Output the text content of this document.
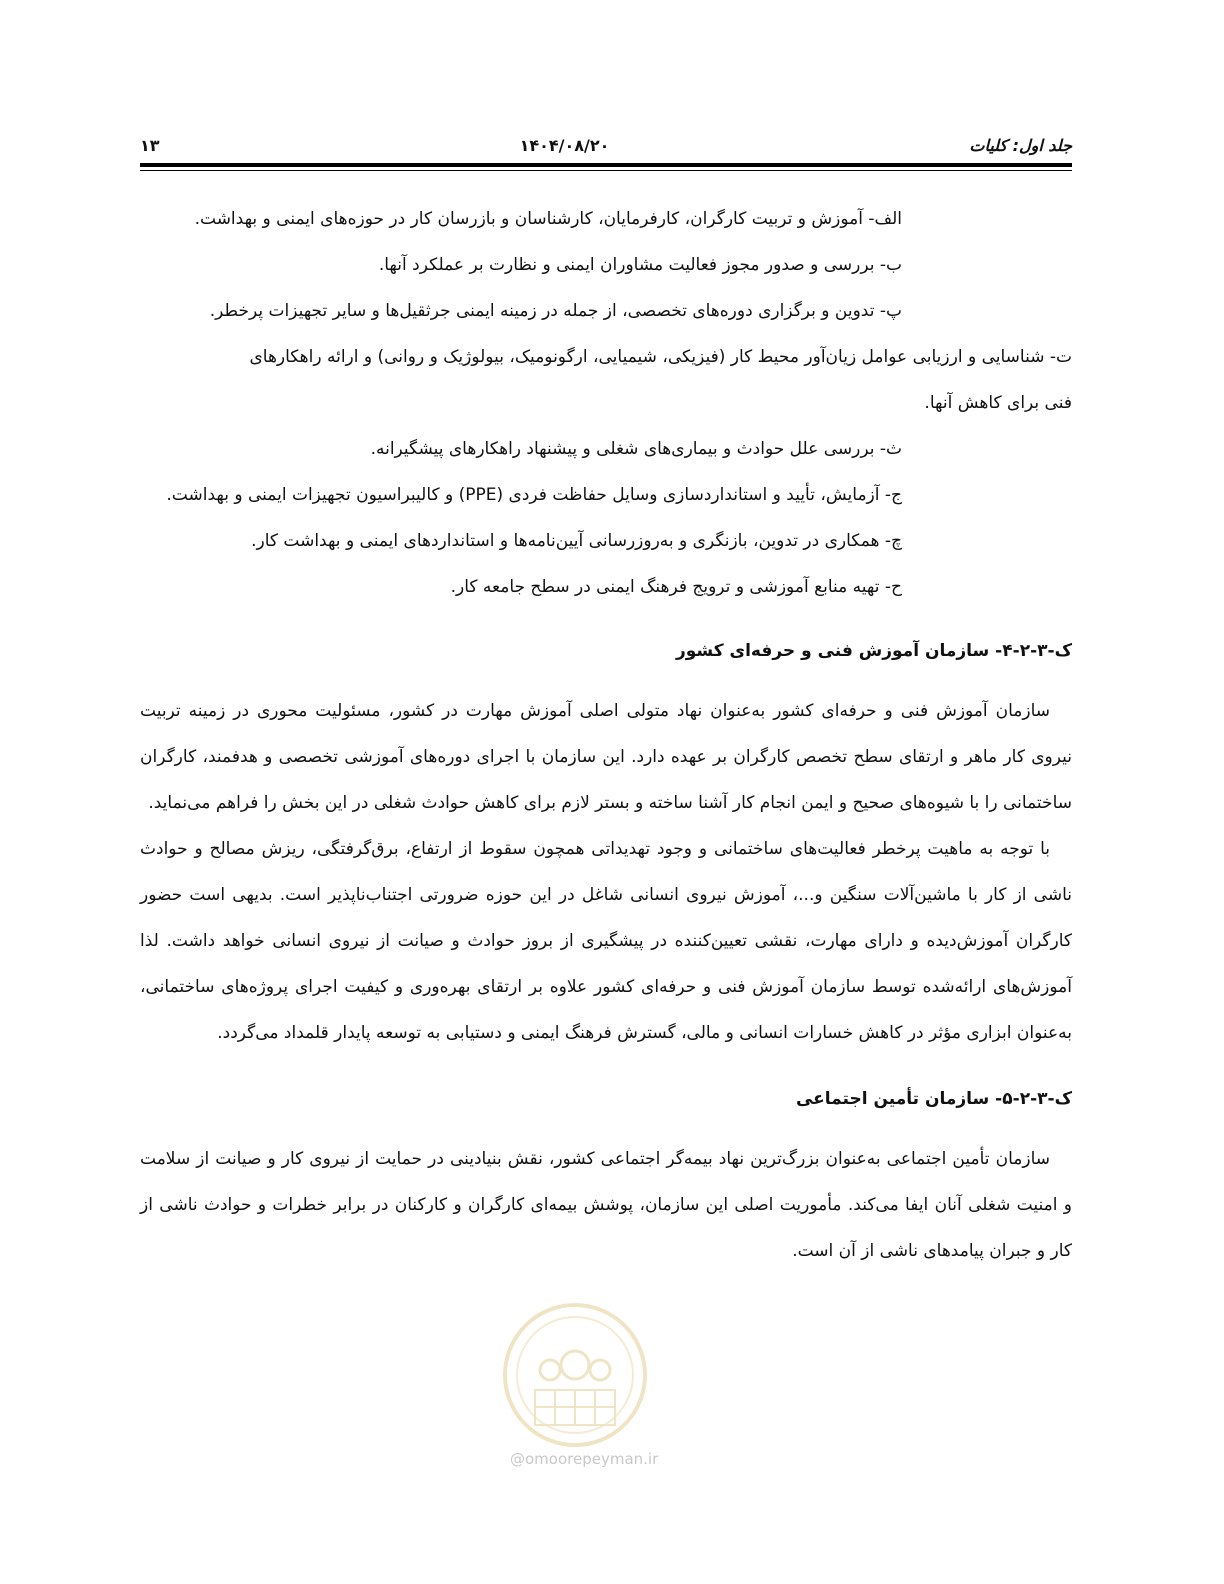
جلد اول: کلیات
۱۴۰۴/۰۸/۲۰
۱۳
الف- آموزش و تربیت کارگران، کارفرمایان، کارشناسان و بازرسان کار در حوزه‌های ایمنی و بهداشت.
ب- بررسی و صدور مجوز فعالیت مشاوران ایمنی و نظارت بر عملکرد آنها.
پ- تدوین و برگزاری دوره‌های تخصصی، از جمله در زمینه ایمنی جرثقیل‌ها و سایر تجهیزات پرخطر.
ت- شناسایی و ارزیابی عوامل زیان‌آور محیط کار (فیزیکی، شیمیایی، ارگونومیک، بیولوژیک و روانی) و ارائه راهکارهای
فنی برای کاهش آنها.
ث- بررسی علل حوادث و بیماری‌های شغلی و پیشنهاد راهکارهای پیشگیرانه.
ج- آزمایش، تأیید و استانداردسازی وسایل حفاظت فردی (PPE) و کالیبراسیون تجهیزات ایمنی و بهداشت.
چ- همکاری در تدوین، بازنگری و به‌روزرسانی آیین‌نامه‌ها و استانداردهای ایمنی و بهداشت کار.
ح- تهیه منابع آموزشی و ترویج فرهنگ ایمنی در سطح جامعه کار.
ک-۳-۲-۴- سازمان آموزش فنی و حرفه‌ای کشور

سازمان آموزش فنی و حرفه‌ای کشور به‌عنوان نهاد متولی اصلی آموزش مهارت در کشور، مسئولیت محوری در زمینه تربیت نیروی کار ماهر و ارتقای سطح تخصص کارگران بر عهده دارد. این سازمان با اجرای دوره‌های آموزشی تخصصی و هدفمند، کارگران ساختمانی را با شیوه‌های صحیح و ایمن انجام کار آشنا ساخته و بستر لازم برای کاهش حوادث شغلی در این بخش را فراهم می‌نماید.

با توجه به ماهیت پرخطر فعالیت‌های ساختمانی و وجود تهدیداتی همچون سقوط از ارتفاع، برق‌گرفتگی، ریزش مصالح و حوادث ناشی از کار با ماشین‌آلات سنگین و...، آموزش نیروی انسانی شاغل در این حوزه ضرورتی اجتناب‌ناپذیر است. بدیهی است حضور کارگران آموزش‌دیده و دارای مهارت، نقشی تعیین‌کننده در پیشگیری از بروز حوادث و صیانت از نیروی انسانی خواهد داشت. لذا آموزش‌های ارائه‌شده توسط سازمان آموزش فنی و حرفه‌ای کشور علاوه بر ارتقای بهره‌وری و کیفیت اجرای پروژه‌های ساختمانی، به‌عنوان ابزاری مؤثر در کاهش خسارات انسانی و مالی، گسترش فرهنگ ایمنی و دستیابی به توسعه پایدار قلمداد می‌گردد.

ک-۳-۲-۵- سازمان تأمین اجتماعی

سازمان تأمین اجتماعی به‌عنوان بزرگ‌ترین نهاد بیمه‌گر اجتماعی کشور، نقش بنیادینی در حمایت از نیروی کار و صیانت از سلامت و امنیت شغلی آنان ایفا می‌کند. مأموریت اصلی این سازمان، پوشش بیمه‌ای کارگران و کارکنان در برابر خطرات و حوادث ناشی از کار و جبران پیامدهای ناشی از آن است.

@omoorepeyman.ir
